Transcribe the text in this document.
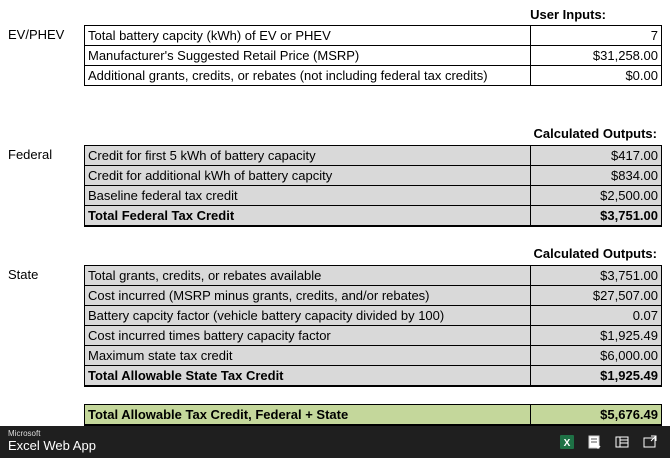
User Inputs:
EV/PHEV Total battery capcity (kWh) of EV or PHEV	7
Manufacturer's Suggested Retail Price (MSRP)	$31,258.00
Additional grants, credits, or rebates (not including federal tax credits)	$0.00
Calculated Outputs:
Federal	Credit for first 5 kWh of battery capacity	$417.00
Credit for additional kWh of battery capcity	$834.00
Baseline federal tax credit	$2,500.00
Total Federal Tax Credit	$3,751.00
Calculated Outputs:
State	Total grants, credits, or rebates available	$3,751.00
Cost incurred (MSRP minus grants, credits, and/or rebates)	$27,507.00
Battery capcity factor (vehicle battery capacity divided by 100)	0.07
Cost incurred times battery capacity factor	$1,925.49
Maximum state tax credit	$6,000.00
Total Allowable State Tax Credit	$1,925.49
Total Allowable Tax Credit, Federal + State	$5,676.49
Microsoft
Excel Web App	X
